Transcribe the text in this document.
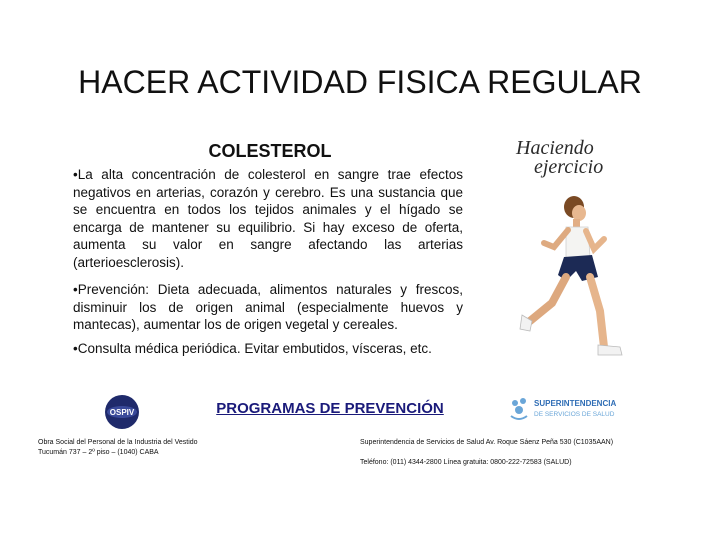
HACER ACTIVIDAD FISICA REGULAR
COLESTEROL
•La alta concentración de colesterol en sangre trae efectos negativos en arterias, corazón y cerebro. Es una sustancia que se encuentra en todos los tejidos animales y el hígado se encarga de mantener su equilibrio. Si hay exceso de oferta, aumenta su valor en sangre afectando las arterias (arterioesclerosis).
•Prevención: Dieta adecuada, alimentos naturales y frescos, disminuir los de origen animal (especialmente huevos y mantecas), aumentar los de origen vegetal y cereales.
•Consulta médica periódica. Evitar embutidos, vísceras, etc.
Haciendo
ejercicio
OSPIV	PROGRAMAS DE PREVENCIÓN	SUPERINTENDENCIA
DE SERVICIOS DE SALUD
Obra Social del Personal de la Industria del Vestido
Tucumán 737 – 2º piso – (1040) CABA
Superintendencia de Servicios de Salud Av. Roque Sáenz Peña 530 (C1035AAN)
Teléfono: (011) 4344-2800 Línea gratuita: 0800-222-72583 (SALUD)
